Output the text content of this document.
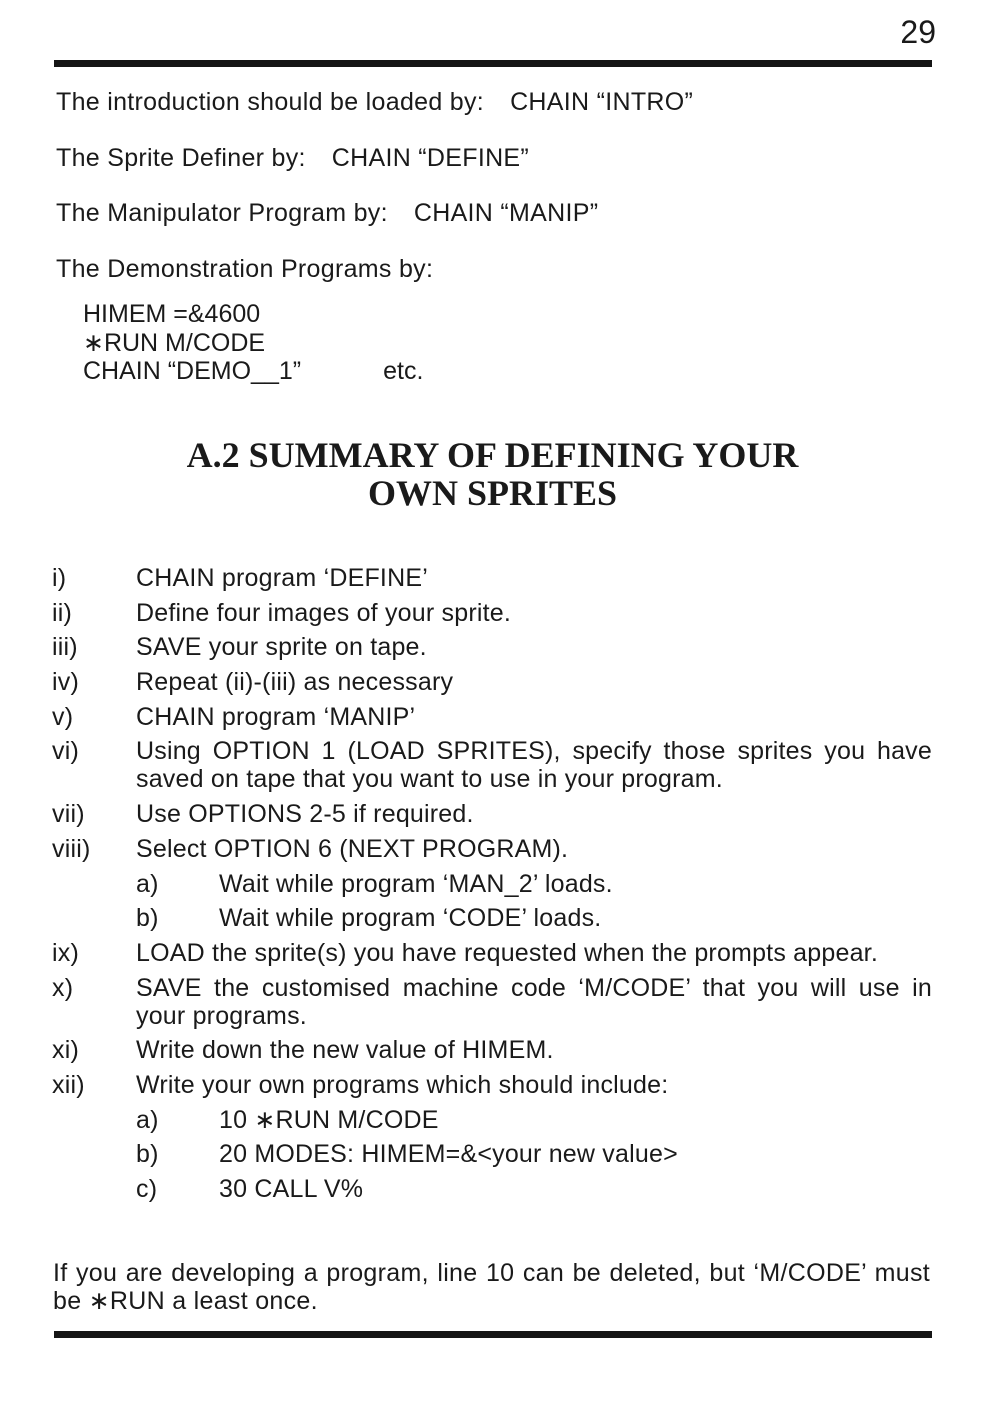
29
The introduction should be loaded by: CHAIN “INTRO”
The Sprite Definer by: CHAIN “DEFINE”
The Manipulator Program by: CHAIN “MANIP”
The Demonstration Programs by:
HIMEM =&4600
∗RUN M/CODE
CHAIN “DEMO__1”	etc.
A.2 SUMMARY OF DEFINING YOUR
OWN SPRITES
i)	CHAIN program ‘DEFINE’
ii)	Define four images of your sprite.
iii) SAVE your sprite on tape.
iv) Repeat (ii)-(iii) as necessary
v)	CHAIN program ‘MANIP’
vi) Using OPTION 1 (LOAD SPRITES), specify those sprites you have saved on tape that you want to use in your program.
vii) Use OPTIONS 2-5 if required.
viii) Select OPTION 6 (NEXT PROGRAM).
a) Wait while program ‘MAN_2’ loads.
b) Wait while program ‘CODE’ loads.
ix) LOAD the sprite(s) you have requested when the prompts appear.
x)	SAVE the customised machine code ‘M/CODE’ that you will use in your programs.
xi) Write down the new value of HIMEM.
xii) Write your own programs which should include:
a) 10 ∗RUN M/CODE
b) 20 MODES: HIMEM=&<your new value>
c) 30 CALL V%
If you are developing a program, line 10 can be deleted, but ‘M/CODE’ must be ∗RUN a least once.
